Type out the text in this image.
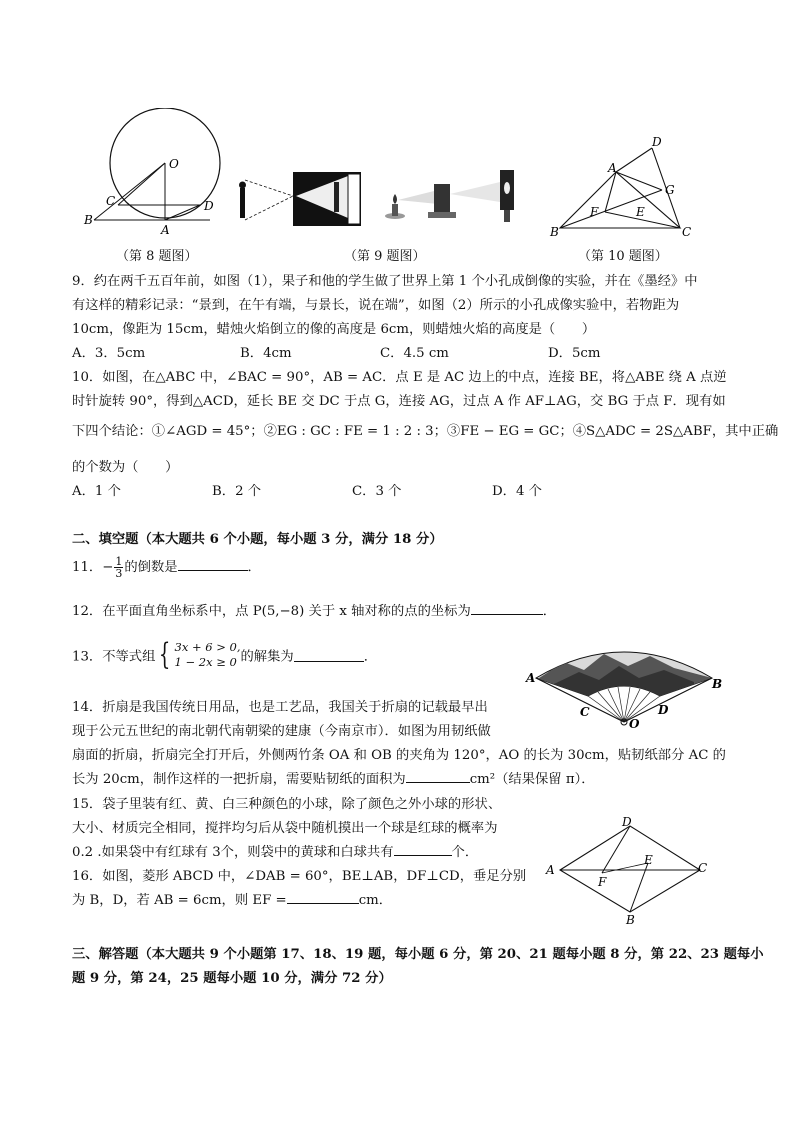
O
C	D
B
A
（第 8 题图）	（第 9 题图）
D
A
G
F	E
B	C
（第 10 题图）
9．约在两千五百年前，如图（1），果子和他的学生做了世界上第 1 个小孔成倒像的实验，并在《墨经》中
有这样的精彩记录：“景到，在午有端，与景长，说在端”，如图（2）所示的小孔成像实验中，若物距为
10cm，像距为 15cm，蜡烛火焰倒立的像的高度是 6cm，则蜡烛火焰的高度是（　　）
A．3．5cm	B．4cm	C．4.5 cm	D．5cm
10．如图，在△ABC 中，∠BAC = 90°，AB = AC．点 E 是 AC 边上的中点，连接 BE，将△ABE 绕 A 点逆
时针旋转 90°，得到△ACD，延长 BE 交 DC 于点 G，连接 AG，过点 A 作 AF⊥AG，交 BG 于点 F．现有如
下四个结论：①∠AGD = 45°；②EG : GC : FE = 1 : 2 : 3；③FE − EG = GC；④S△ADC = 2S△ABF，其中正确
的个数为（　　）
A．1 个	B．2 个	C．3 个	D．4 个
二、填空题（本大题共 6 个小题，每小题 3 分，满分 18 分）
11．− $\frac{1}{3}$ 的倒数是	．
12．在平面直角坐标系中，点 P(5,−8) 关于 x 轴对称的点的坐标为	．
13．不等式组 { 3x + 6 > 0,
1 − 2x ≥ 0 的解集为	．
A	B
C	D
O
14．折扇是我国传统日用品，也是工艺品，我国关于折扇的记载最早出
现于公元五世纪的南北朝代南朝梁的建康（今南京市）．如图为用韧纸做
扇面的折扇，折扇完全打开后，外侧两竹条 OA 和 OB 的夹角为 120°，AO 的长为 30cm，贴韧纸部分 AC 的
长为 20cm，制作这样的一把折扇，需要贴韧纸的面积为	cm²（结果保留 π）．
15．袋子里装有红、黄、白三种颜色的小球，除了颜色之外小球的形状、
大小、材质完全相同，搅拌均匀后从袋中随机摸出一个球是红球的概率为
0.2 .如果袋中有红球有 3个，则袋中的黄球和白球共有	个．
D
E
C
A
F
B
16．如图，菱形 ABCD 中，∠DAB = 60°，BE⊥AB，DF⊥CD，垂足分别
为 B，D，若 AB = 6cm，则 EF =	cm．
三、解答题（本大题共 9 个小题第 17、18、19 题，每小题 6 分，第 20、21 题每小题 8 分，第 22、23 题每小
题 9 分，第 24，25 题每小题 10 分，满分 72 分）
